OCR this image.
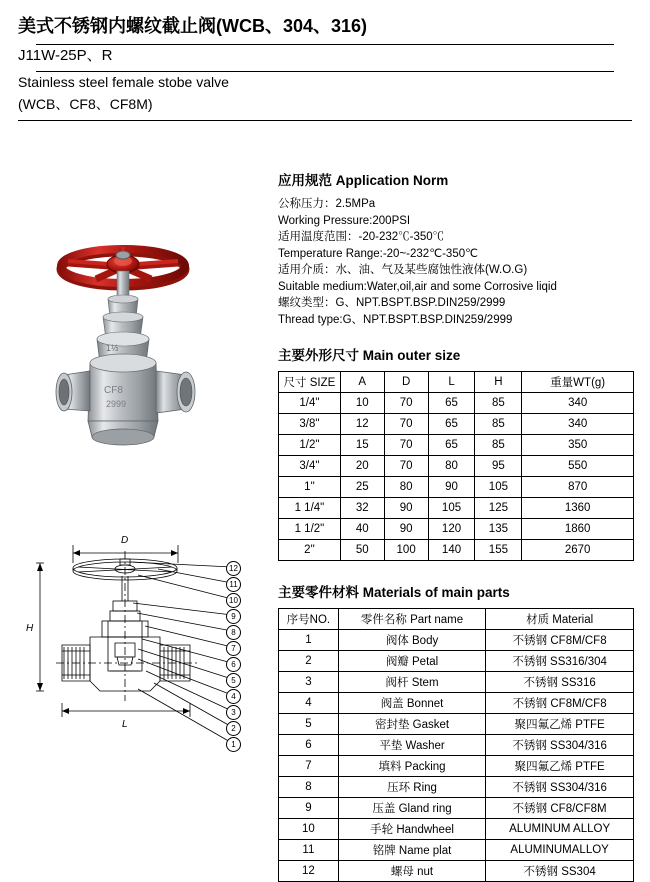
美式不锈钢内螺纹截止阀(WCB、304、316)
J11W-25P、R
Stainless steel female stobe valve
(WCB、CF8、CF8M)
1½
CF8
2999
D
H
L
12
11
10
9
8
7
6
5
4
3
2
1
应用规范 Application Norm
公称压力：2.5MPa
Working Pressure:200PSI
适用温度范围：-20-232℃-350℃
Temperature Range:-20~-232℃-350℃
适用介质：水、油、气及某些腐蚀性液体(W.O.G)
Suitable medium:Water,oil,air and some Corrosive liqid
螺纹类型：G、NPT.BSPT.BSP.DIN259/2999
Thread type:G、NPT.BSPT.BSP.DIN259/2999
主要外形尺寸 Main outer size
尺寸 SIZE	A	D	L	H	重量WT(g)
1/4"	10	70	65	85	340
3/8"	12	70	65	85	340
1/2"	15	70	65	85	350
3/4"	20	70	80	95	550
1"	25	80	90	105	870
1 1/4"	32	90	105	125	1360
1 1/2"	40	90	120	135	1860
2"	50	100	140	155	2670
主要零件材料 Materials of main parts
序号NO.	零件名称 Part name	材质 Material
1	阀体 Body	不锈钢 CF8M/CF8
2	阀瓣 Petal	不锈钢 SS316/304
3	阀杆 Stem	不锈钢 SS316
4	阀盖 Bonnet	不锈钢 CF8M/CF8
5	密封垫 Gasket	聚四氟乙烯 PTFE
6	平垫 Washer	不锈钢 SS304/316
7	填料 Packing	聚四氟乙烯 PTFE
8	压环 Ring	不锈钢 SS304/316
9	压盖 Gland ring	不锈钢 CF8/CF8M
10	手轮 Handwheel	ALUMINUM ALLOY
11	铭牌 Name plat	ALUMINUMALLOY
12	螺母 nut	不锈钢 SS304
